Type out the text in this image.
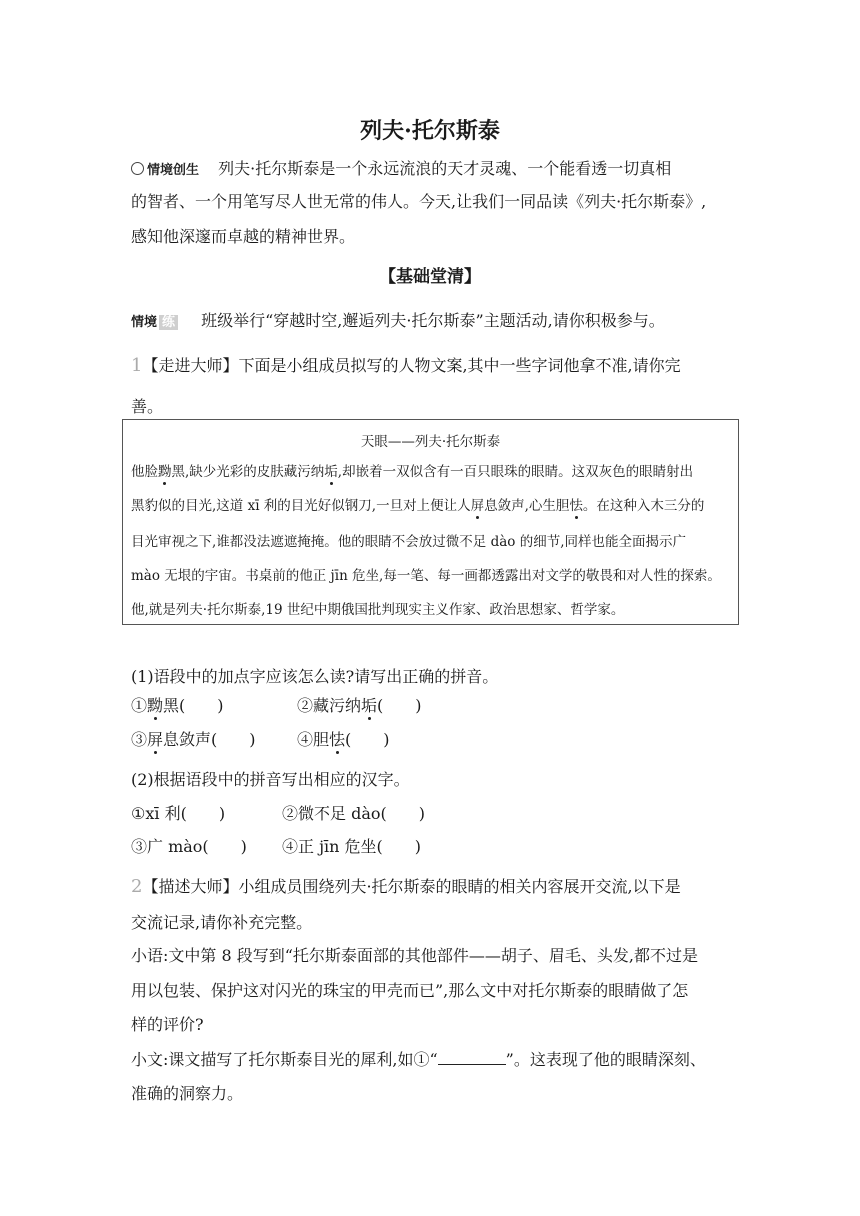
列夫·托尔斯泰
情境创生 列夫·托尔斯泰是一个永远流浪的天才灵魂、一个能看透一切真相
的智者、一个用笔写尽人世无常的伟人。今天,让我们一同品读《列夫·托尔斯泰》,
感知他深邃而卓越的精神世界。
【基础堂清】
情境 练 班级举行“穿越时空,邂逅列夫·托尔斯泰”主题活动,请你积极参与。
1【走进大师】下面是小组成员拟写的人物文案,其中一些字词他拿不准,请你完
善。
天眼——列夫·托尔斯泰
他脸黝黑,缺少光彩的皮肤藏污纳垢,却嵌着一双似含有一百只眼珠的眼睛。这双灰色的眼睛射出
黑豹似的目光,这道 xī 利的目光好似钢刀,一旦对上便让人屏息敛声,心生胆怯。在这种入木三分的
目光审视之下,谁都没法遮遮掩掩。他的眼睛不会放过微不足 dào 的细节,同样也能全面揭示广
mào 无垠的宇宙。书桌前的他正 jīn 危坐,每一笔、每一画都透露出对文学的敬畏和对人性的探索。
他,就是列夫·托尔斯泰,19 世纪中期俄国批判现实主义作家、政治思想家、哲学家。
(1)语段中的加点字应该怎么读?请写出正确的拼音。
①黝黑(　　)	②藏污纳垢(　　)
③屏息敛声(　　)	④胆怯(　　)
(2)根据语段中的拼音写出相应的汉字。
①xī 利(　　)	②微不足 dào(　　)
③广 mào(　　) ④正 jīn 危坐(　　)
2【描述大师】小组成员围绕列夫·托尔斯泰的眼睛的相关内容展开交流,以下是
交流记录,请你补充完整。
小语:文中第 8 段写到“托尔斯泰面部的其他部件——胡子、眉毛、头发,都不过是
用以包装、保护这对闪光的珠宝的甲壳而已”,那么文中对托尔斯泰的眼睛做了怎
样的评价?
小文:课文描写了托尔斯泰目光的犀利,如①“	”。这表现了他的眼睛深刻、
准确的洞察力。
